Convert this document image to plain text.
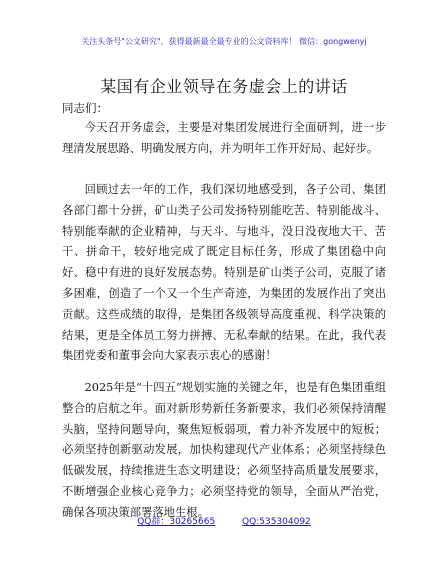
关注头条号"公文研究"，获得最新最全最专业的公文资料库！ 微信：gongwenyj
某国有企业领导在务虚会上的讲话
同志们：

今天召开务虚会，主要是对集团发展进行全面研判，进一步理清发展思路、明确发展方向，并为明年工作开好局、起好步。

回顾过去一年的工作，我们深切地感受到，各子公司、集团各部门都十分拼，矿山类子公司发扬特别能吃苦、特别能战斗、特别能奉献的企业精神，与天斗、与地斗，没日没夜地大干、苦干、拼命干，较好地完成了既定目标任务，形成了集团稳中向好、稳中有进的良好发展态势。特别是矿山类子公司，克服了诸多困难，创造了一个又一个生产奇迹，为集团的发展作出了突出贡献。这些成绩的取得，是集团各级领导高度重视、科学决策的结果，更是全体员工努力拼搏、无私奉献的结果。在此，我代表集团党委和董事会向大家表示衷心的感谢！

2025年是“十四五”规划实施的关键之年，也是有色集团重组整合的启航之年。面对新形势新任务新要求，我们必须保持清醒头脑，坚持问题导向，聚焦短板弱项，着力补齐发展中的短板；必须坚持创新驱动发展，加快构建现代产业体系；必须坚持绿色低碳发展，持续推进生态文明建设；必须坚持高质量发展要求，不断增强企业核心竞争力；必须坚持党的领导，全面从严治党，确保各项决策部署落地生根。

QQ群：30265665	QQ:535304092
